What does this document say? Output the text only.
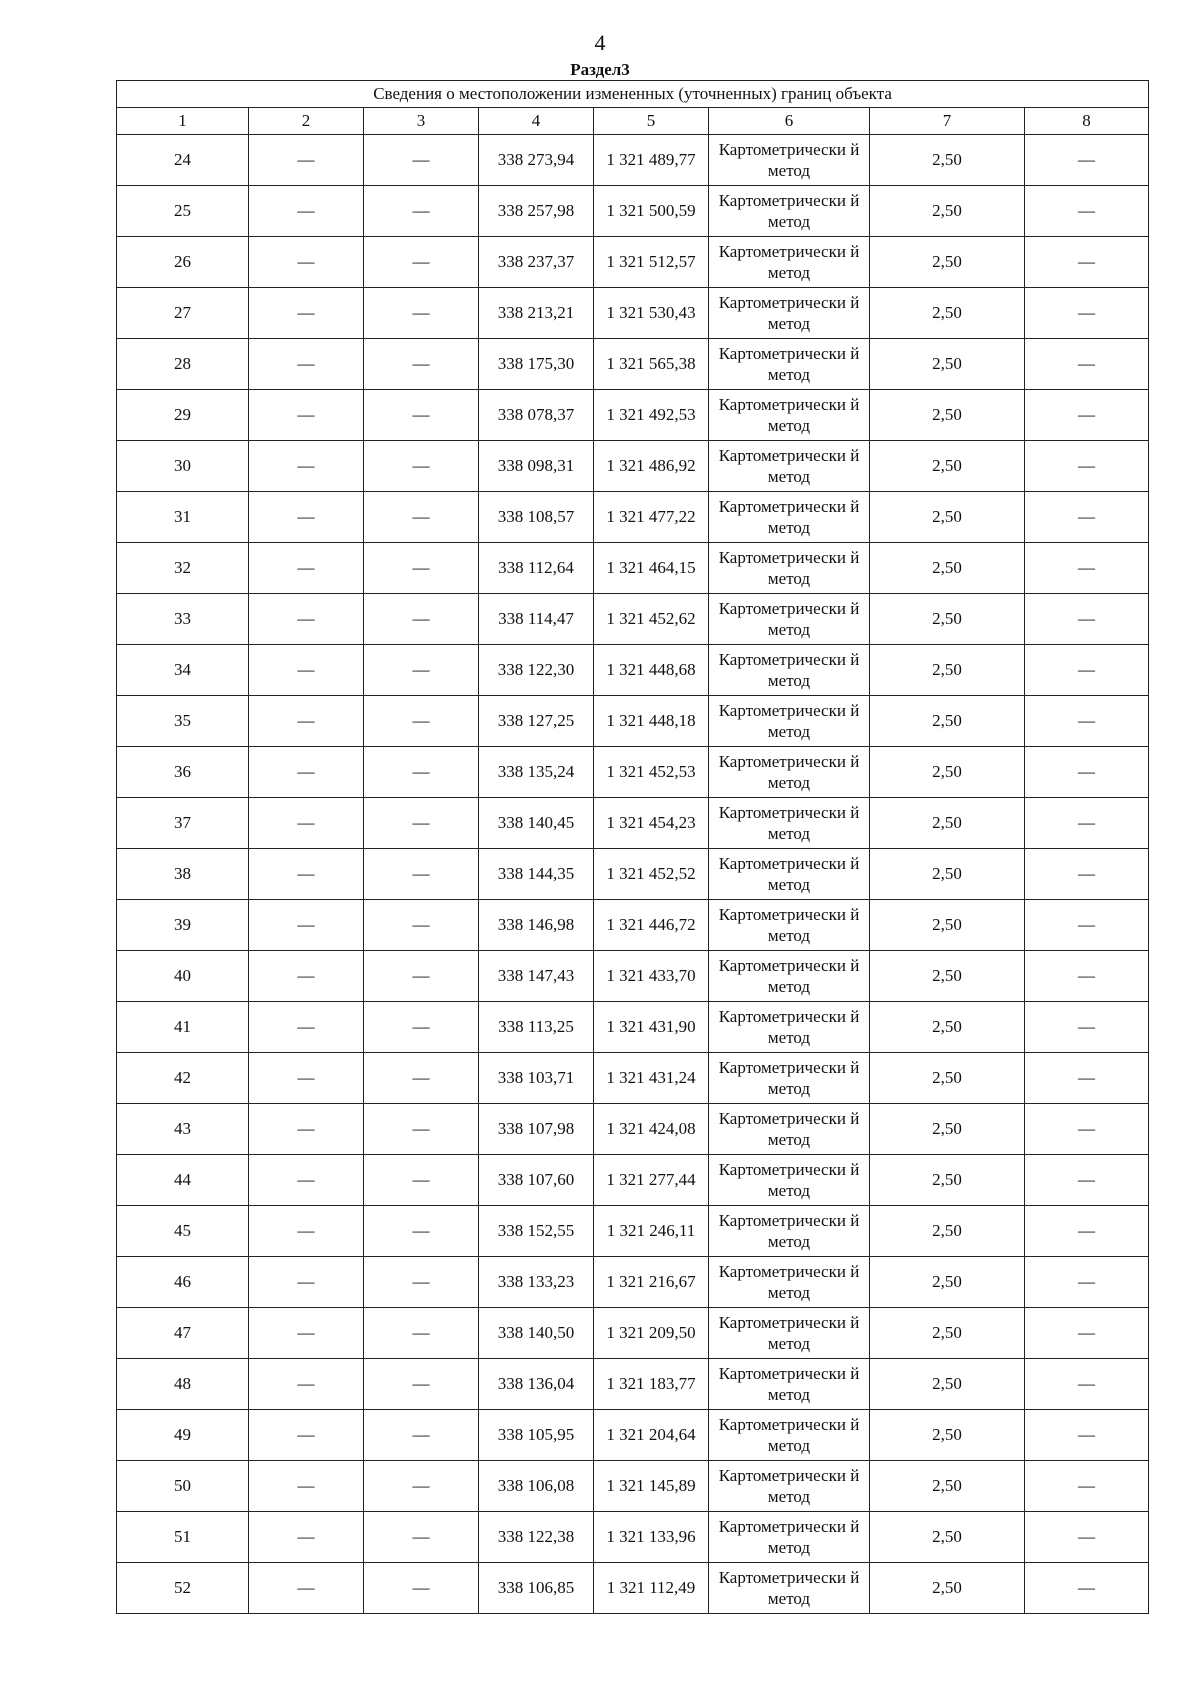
4
Раздел3
Сведения о местоположении измененных (уточненных) границ объекта							
1	2	3	4	5	6	7	8
24	—	—	338 273,94	1 321 489,77	Картометрически й метод	2,50	—
25	—	—	338 257,98	1 321 500,59	Картометрически й метод	2,50	—
26	—	—	338 237,37	1 321 512,57	Картометрически й метод	2,50	—
27	—	—	338 213,21	1 321 530,43	Картометрически й метод	2,50	—
28	—	—	338 175,30	1 321 565,38	Картометрически й метод	2,50	—
29	—	—	338 078,37	1 321 492,53	Картометрически й метод	2,50	—
30	—	—	338 098,31	1 321 486,92	Картометрически й метод	2,50	—
31	—	—	338 108,57	1 321 477,22	Картометрически й метод	2,50	—
32	—	—	338 112,64	1 321 464,15	Картометрически й метод	2,50	—
33	—	—	338 114,47	1 321 452,62	Картометрически й метод	2,50	—
34	—	—	338 122,30	1 321 448,68	Картометрически й метод	2,50	—
35	—	—	338 127,25	1 321 448,18	Картометрически й метод	2,50	—
36	—	—	338 135,24	1 321 452,53	Картометрически й метод	2,50	—
37	—	—	338 140,45	1 321 454,23	Картометрически й метод	2,50	—
38	—	—	338 144,35	1 321 452,52	Картометрически й метод	2,50	—
39	—	—	338 146,98	1 321 446,72	Картометрически й метод	2,50	—
40	—	—	338 147,43	1 321 433,70	Картометрически й метод	2,50	—
41	—	—	338 113,25	1 321 431,90	Картометрически й метод	2,50	—
42	—	—	338 103,71	1 321 431,24	Картометрически й метод	2,50	—
43	—	—	338 107,98	1 321 424,08	Картометрически й метод	2,50	—
44	—	—	338 107,60	1 321 277,44	Картометрически й метод	2,50	—
45	—	—	338 152,55	1 321 246,11	Картометрически й метод	2,50	—
46	—	—	338 133,23	1 321 216,67	Картометрически й метод	2,50	—
47	—	—	338 140,50	1 321 209,50	Картометрически й метод	2,50	—
48	—	—	338 136,04	1 321 183,77	Картометрически й метод	2,50	—
49	—	—	338 105,95	1 321 204,64	Картометрически й метод	2,50	—
50	—	—	338 106,08	1 321 145,89	Картометрически й метод	2,50	—
51	—	—	338 122,38	1 321 133,96	Картометрически й метод	2,50	—
52	—	—	338 106,85	1 321 112,49	Картометрически й метод	2,50	—
